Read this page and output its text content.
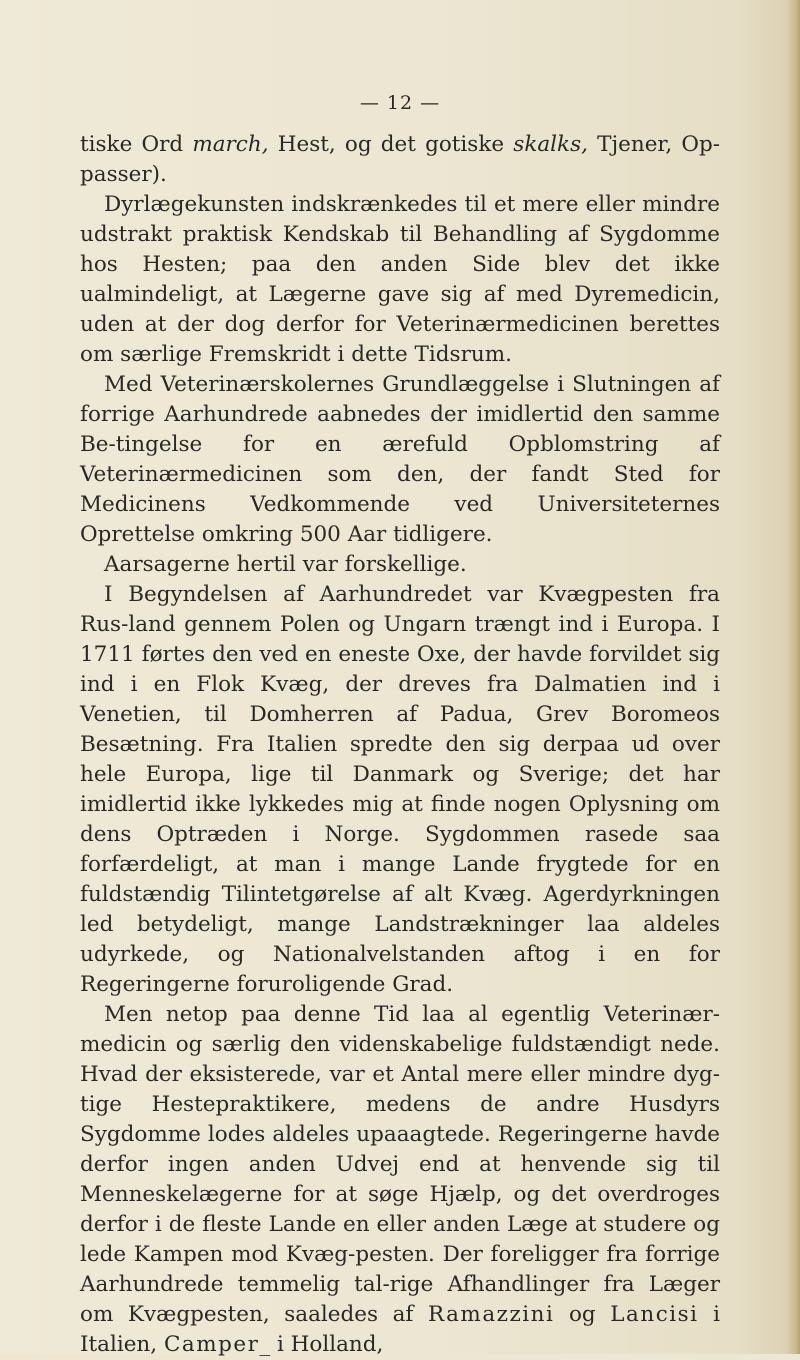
— 12 —

tiske Ord march, Hest, og det gotiske skalks, Tjener, Op-passer).

Dyrlægekunsten indskrænkedes til et mere eller mindre udstrakt praktisk Kendskab til Behandling af Sygdomme hos Hesten; paa den anden Side blev det ikke ualmindeligt, at Lægerne gave sig af med Dyremedicin, uden at der dog derfor for Veterinærmedicinen berettes om særlige Fremskridt i dette Tidsrum.

Med Veterinærskolernes Grundlæggelse i Slutningen af forrige Aarhundrede aabnedes der imidlertid den samme Be-tingelse for en ærefuld Opblomstring af Veterinærmedicinen som den, der fandt Sted for Medicinens Vedkommende ved Universiteternes Oprettelse omkring 500 Aar tidligere.

Aarsagerne hertil var forskellige.

I Begyndelsen af Aarhundredet var Kvægpesten fra Rus-land gennem Polen og Ungarn trængt ind i Europa. I 1711 førtes den ved en eneste Oxe, der havde forvildet sig ind i en Flok Kvæg, der dreves fra Dalmatien ind i Venetien, til Domherren af Padua, Grev Boromeos Besætning. Fra Italien spredte den sig derpaa ud over hele Europa, lige til Danmark og Sverige; det har imidlertid ikke lykkedes mig at finde nogen Oplysning om dens Optræden i Norge. Sygdommen rasede saa forfærdeligt, at man i mange Lande frygtede for en fuldstændig Tilintetgørelse af alt Kvæg. Agerdyrkningen led betydeligt, mange Landstrækninger laa aldeles udyrkede, og Nationalvelstanden aftog i en for Regeringerne foruroligende Grad.

Men netop paa denne Tid laa al egentlig Veterinær-medicin og særlig den videnskabelige fuldstændigt nede. Hvad der eksisterede, var et Antal mere eller mindre dyg-tige Hestepraktikere, medens de andre Husdyrs Sygdomme lodes aldeles upaaagtede. Regeringerne havde derfor ingen anden Udvej end at henvende sig til Menneskelægerne for at søge Hjælp, og det overdroges derfor i de fleste Lande en eller anden Læge at studere og lede Kampen mod Kvæg-pesten. Der foreligger fra forrige Aarhundrede temmelig tal-rige Afhandlinger fra Læger om Kvægpesten, saaledes af Ramazzini og Lancisi i Italien, Camper_ i Holland,
